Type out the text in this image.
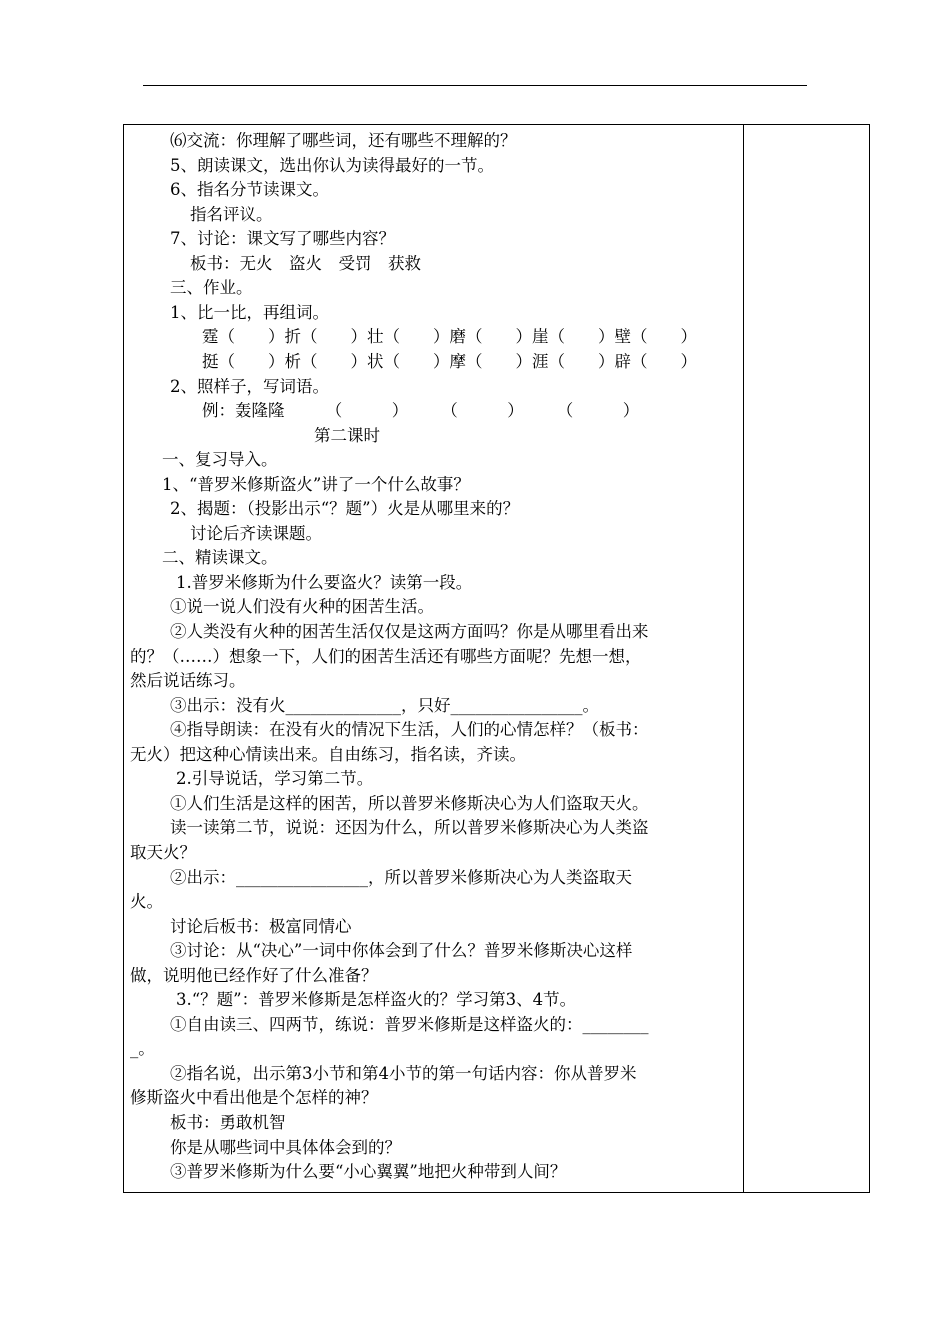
⑹交流：你理解了哪些词，还有哪些不理解的？
5、朗读课文，选出你认为读得最好的一节。
6、指名分节读课文。
指名评议。
7、讨论：课文写了哪些内容？
板书：无火　盗火　受罚　获救
三、作业。
1、比一比，再组词。
霆（　　）折（　　）壮（　　）磨（　　）崖（　　）壁（　　）
挺（　　）析（　　）状（　　）摩（　　）涯（　　）辟（　　）
2、照样子，写词语。
例：轰隆隆　　　（　　　）　　　（　　　）　　　（　　　）
第二课时
一、复习导入。
1、“普罗米修斯盗火”讲了一个什么故事？
2、揭题：（投影出示“？题”）火是从哪里来的？
讨论后齐读课题。
二、精读课文。
1.普罗米修斯为什么要盗火？读第一段。
①说一说人们没有火种的困苦生活。
②人类没有火种的困苦生活仅仅是这两方面吗？你是从哪里看出来
的？（……）想象一下，人们的困苦生活还有哪些方面呢？先想一想，
然后说话练习。
③出示：没有火______________，只好________________。
④指导朗读：在没有火的情况下生活，人们的心情怎样？（板书：
无火）把这种心情读出来。自由练习，指名读，齐读。
2.引导说话，学习第二节。
①人们生活是这样的困苦，所以普罗米修斯决心为人们盗取天火。
读一读第二节，说说：还因为什么，所以普罗米修斯决心为人类盗
取天火？
②出示：________________，所以普罗米修斯决心为人类盗取天
火。
讨论后板书：极富同情心
③讨论：从“决心”一词中你体会到了什么？普罗米修斯决心这样
做，说明他已经作好了什么准备？
3.“？题”：普罗米修斯是怎样盗火的？学习第3、4节。
①自由读三、四两节，练说：普罗米修斯是这样盗火的：________
_。
②指名说，出示第3小节和第4小节的第一句话内容：你从普罗米
修斯盗火中看出他是个怎样的神？
板书：勇敢机智
你是从哪些词中具体体会到的？
③普罗米修斯为什么要“小心翼翼”地把火种带到人间？
